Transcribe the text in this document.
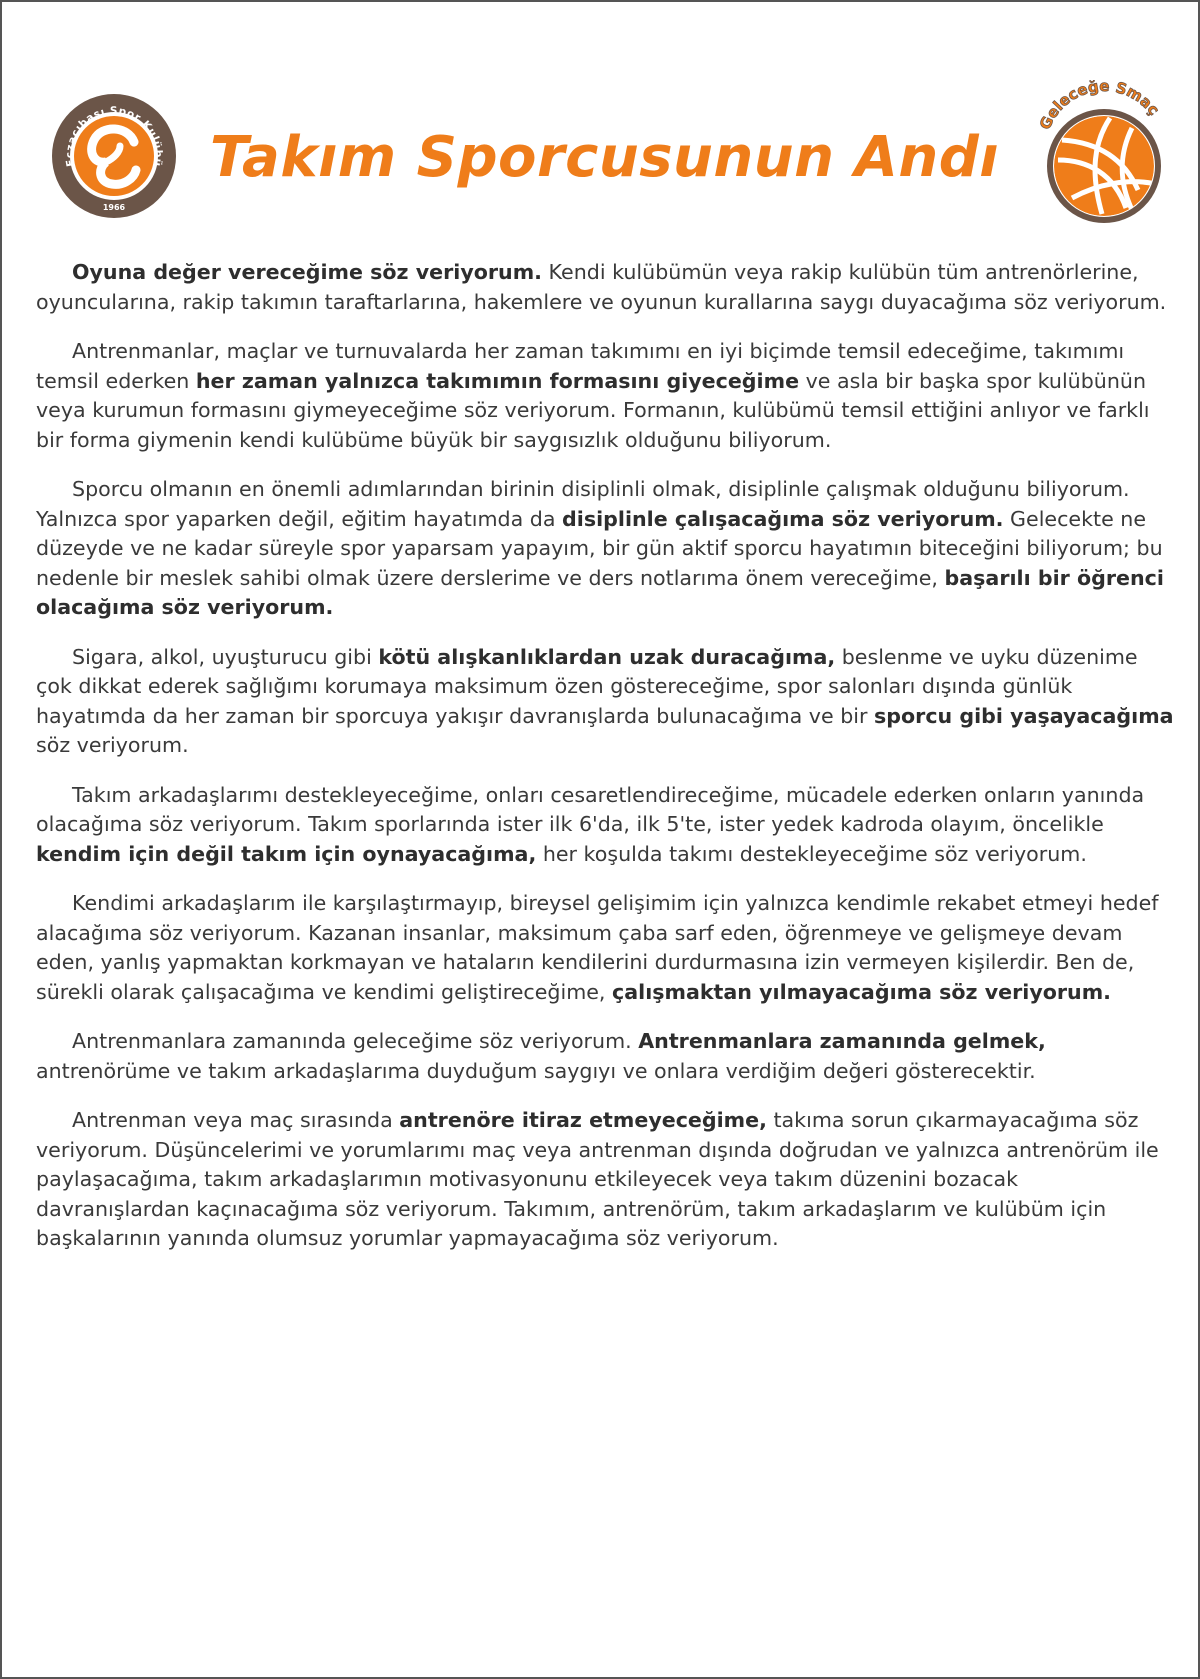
Eczacıbaşı Spor Kulübü
1966
Takım Sporcusunun Andı
Geleceğe Smaç

Oyuna değer vereceğime söz veriyorum. Kendi kulübümün veya rakip kulübün tüm antrenörlerine, oyuncularına, rakip takımın taraftarlarına, hakemlere ve oyunun kurallarına saygı duyacağıma söz veriyorum.

Antrenmanlar, maçlar ve turnuvalarda her zaman takımımı en iyi biçimde temsil edeceğime, takımımı temsil ederken her zaman yalnızca takımımın formasını giyeceğime ve asla bir başka spor kulübünün veya kurumun formasını giymeyeceğime söz veriyorum. Formanın, kulübümü temsil ettiğini anlıyor ve farklı bir forma giymenin kendi kulübüme büyük bir saygısızlık olduğunu biliyorum.

Sporcu olmanın en önemli adımlarından birinin disiplinli olmak, disiplinle çalışmak olduğunu biliyorum. Yalnızca spor yaparken değil, eğitim hayatımda da disiplinle çalışacağıma söz veriyorum. Gelecekte ne düzeyde ve ne kadar süreyle spor yaparsam yapayım, bir gün aktif sporcu hayatımın biteceğini biliyorum; bu nedenle bir meslek sahibi olmak üzere derslerime ve ders notlarıma önem vereceğime, başarılı bir öğrenci olacağıma söz veriyorum.

Sigara, alkol, uyuşturucu gibi kötü alışkanlıklardan uzak duracağıma, beslenme ve uyku düzenime çok dikkat ederek sağlığımı korumaya maksimum özen göstereceğime, spor salonları dışında günlük hayatımda da her zaman bir sporcuya yakışır davranışlarda bulunacağıma ve bir sporcu gibi yaşayacağıma söz veriyorum.

Takım arkadaşlarımı destekleyeceğime, onları cesaretlendireceğime, mücadele ederken onların yanında olacağıma söz veriyorum. Takım sporlarında ister ilk 6'da, ilk 5'te, ister yedek kadroda olayım, öncelikle kendim için değil takım için oynayacağıma, her koşulda takımı destekleyeceğime söz veriyorum.

Kendimi arkadaşlarım ile karşılaştırmayıp, bireysel gelişimim için yalnızca kendimle rekabet etmeyi hedef alacağıma söz veriyorum. Kazanan insanlar, maksimum çaba sarf eden, öğrenmeye ve gelişmeye devam eden, yanlış yapmaktan korkmayan ve hataların kendilerini durdurmasına izin vermeyen kişilerdir. Ben de, sürekli olarak çalışacağıma ve kendimi geliştireceğime, çalışmaktan yılmayacağıma söz veriyorum.

Antrenmanlara zamanında geleceğime söz veriyorum. Antrenmanlara zamanında gelmek, antrenörüme ve takım arkadaşlarıma duyduğum saygıyı ve onlara verdiğim değeri gösterecektir.

Antrenman veya maç sırasında antrenöre itiraz etmeyeceğime, takıma sorun çıkarmayacağıma söz veriyorum. Düşüncelerimi ve yorumlarımı maç veya antrenman dışında doğrudan ve yalnızca antrenörüm ile paylaşacağıma, takım arkadaşlarımın motivasyonunu etkileyecek veya takım düzenini bozacak davranışlardan kaçınacağıma söz veriyorum. Takımım, antrenörüm, takım arkadaşlarım ve kulübüm için başkalarının yanında olumsuz yorumlar yapmayacağıma söz veriyorum.
